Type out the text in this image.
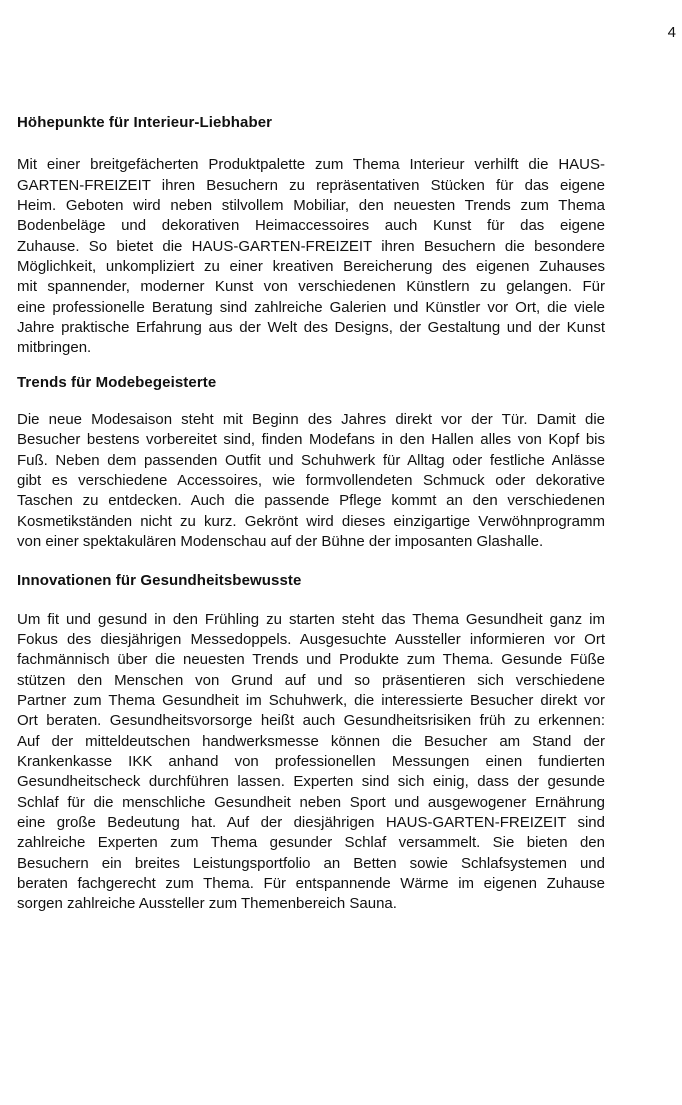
4
Höhepunkte für Interieur-Liebhaber
Mit einer breitgefächerten Produktpalette zum Thema Interieur verhilft die HAUS-
GARTEN-FREIZEIT ihren Besuchern zu repräsentativen Stücken für das eigene
Heim. Geboten wird neben stilvollem Mobiliar, den neuesten Trends zum Thema
Bodenbeläge und dekorativen Heimaccessoires auch Kunst für das eigene
Zuhause. So bietet die HAUS-GARTEN-FREIZEIT ihren Besuchern die besondere
Möglichkeit, unkompliziert zu einer kreativen Bereicherung des eigenen Zuhauses
mit spannender, moderner Kunst von verschiedenen Künstlern zu gelangen. Für
eine professionelle Beratung sind zahlreiche Galerien und Künstler vor Ort, die viele
Jahre praktische Erfahrung aus der Welt des Designs, der Gestaltung und der Kunst
mitbringen.
Trends für Modebegeisterte
Die neue Modesaison steht mit Beginn des Jahres direkt vor der Tür. Damit die
Besucher bestens vorbereitet sind, finden Modefans in den Hallen alles von Kopf bis
Fuß. Neben dem passenden Outfit und Schuhwerk für Alltag oder festliche Anlässe
gibt es verschiedene Accessoires, wie formvollendeten Schmuck oder dekorative
Taschen zu entdecken. Auch die passende Pflege kommt an den verschiedenen
Kosmetikständen nicht zu kurz. Gekrönt wird dieses einzigartige Verwöhnprogramm
von einer spektakulären Modenschau auf der Bühne der imposanten Glashalle.
Innovationen für Gesundheitsbewusste
Um fit und gesund in den Frühling zu starten steht das Thema Gesundheit ganz im
Fokus des diesjährigen Messedoppels. Ausgesuchte Aussteller informieren vor Ort
fachmännisch über die neuesten Trends und Produkte zum Thema. Gesunde Füße
stützen den Menschen von Grund auf und so präsentieren sich verschiedene
Partner zum Thema Gesundheit im Schuhwerk, die interessierte Besucher direkt vor
Ort beraten. Gesundheitsvorsorge heißt auch Gesundheitsrisiken früh zu erkennen:
Auf der mitteldeutschen handwerksmesse können die Besucher am Stand der
Krankenkasse IKK anhand von professionellen Messungen einen fundierten
Gesundheitscheck durchführen lassen. Experten sind sich einig, dass der gesunde
Schlaf für die menschliche Gesundheit neben Sport und ausgewogener Ernährung
eine große Bedeutung hat. Auf der diesjährigen HAUS-GARTEN-FREIZEIT sind
zahlreiche Experten zum Thema gesunder Schlaf versammelt. Sie bieten den
Besuchern ein breites Leistungsportfolio an Betten sowie Schlafsystemen und
beraten fachgerecht zum Thema. Für entspannende Wärme im eigenen Zuhause
sorgen zahlreiche Aussteller zum Themenbereich Sauna.
